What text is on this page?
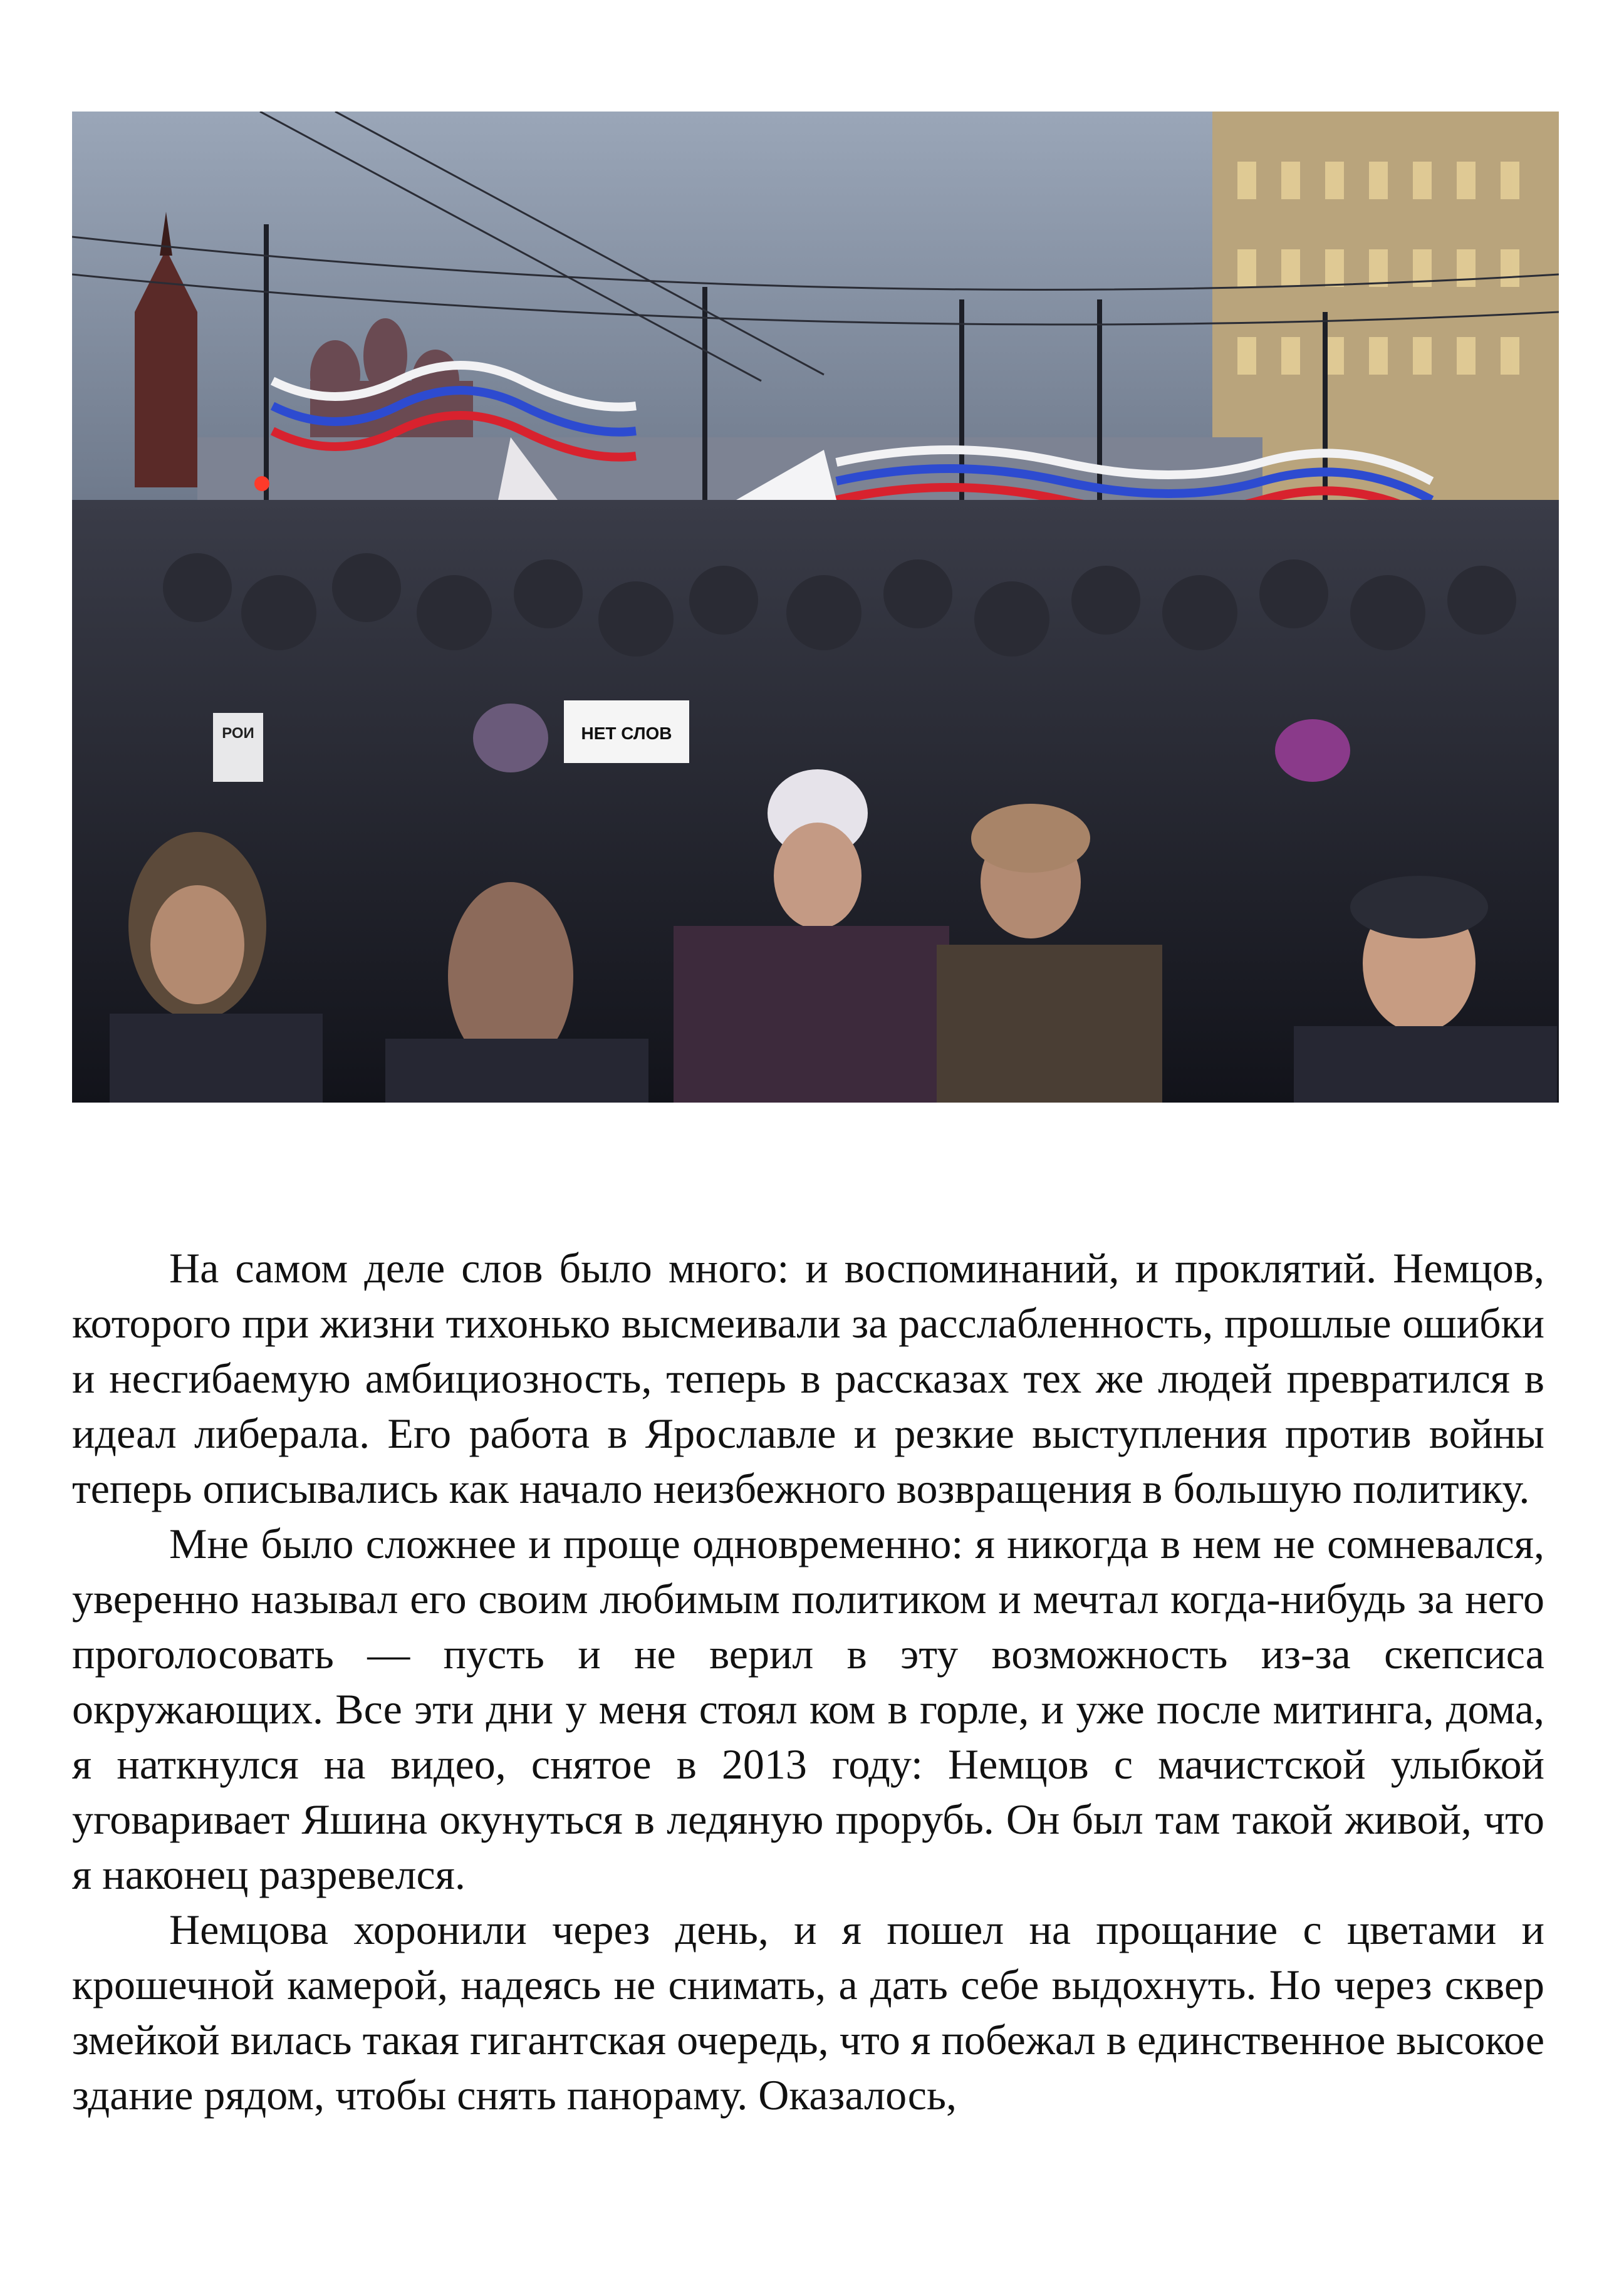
НЕТ СЛОВ
РОИ

На самом деле слов было много: и воспоминаний, и проклятий. Немцов, которого при жизни тихонько высмеивали за расслабленность, прошлые ошибки и несгибаемую амбициозность, теперь в рассказах тех же людей превратился в идеал либерала. Его работа в Ярославле и резкие выступления против войны теперь описывались как начало неизбежного возвращения в большую политику.

Мне было сложнее и проще одновременно: я никогда в нем не сомневался, уверенно называл его своим любимым политиком и мечтал когда-нибудь за него проголосовать — пусть и не верил в эту возможность из-за скепсиса окружающих. Все эти дни у меня стоял ком в горле, и уже после митинга, дома, я наткнулся на видео, снятое в 2013 году: Немцов с мачистской улыбкой уговаривает Яшина окунуться в ледяную прорубь. Он был там такой живой, что я наконец разревелся.

Немцова хоронили через день, и я пошел на прощание с цветами и крошечной камерой, надеясь не снимать, а дать себе выдохнуть. Но через сквер змейкой вилась такая гигантская очередь, что я побежал в единственное высокое здание рядом, чтобы снять панораму. Оказалось,
